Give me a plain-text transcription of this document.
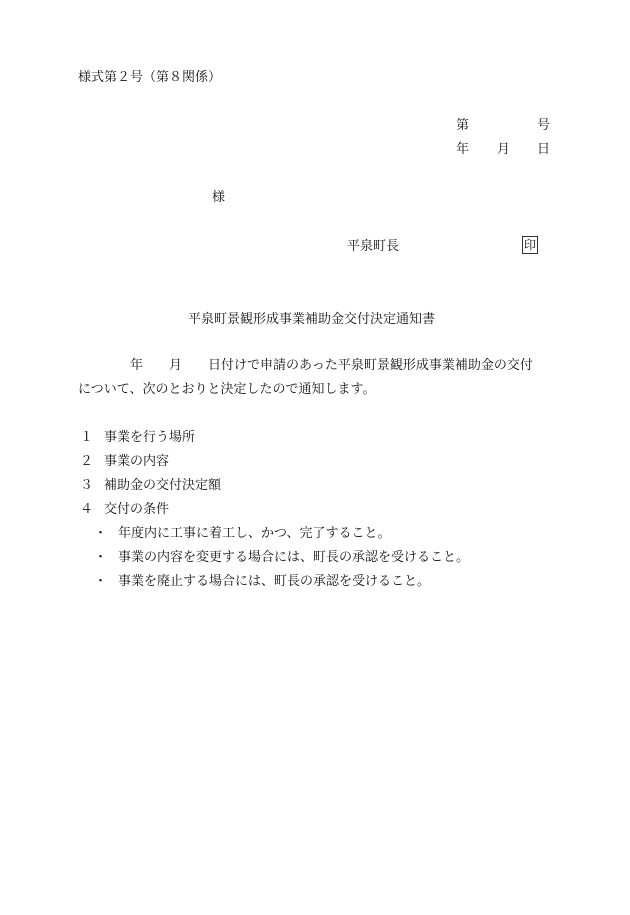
様式第２号（第８関係）
第	号
年 月 日
様
平泉町長	印
平泉町景観形成事業補助金交付決定通知書
年 月 日付けで申請のあった平泉町景観形成事業補助金の交付
について、次のとおりと決定したので通知します。
１ 事業を行う場所
２ 事業の内容
３ 補助金の交付決定額
４ 交付の条件
・ 年度内に工事に着工し、かつ、完了すること。
・ 事業の内容を変更する場合には、町長の承認を受けること。
・ 事業を廃止する場合には、町長の承認を受けること。
